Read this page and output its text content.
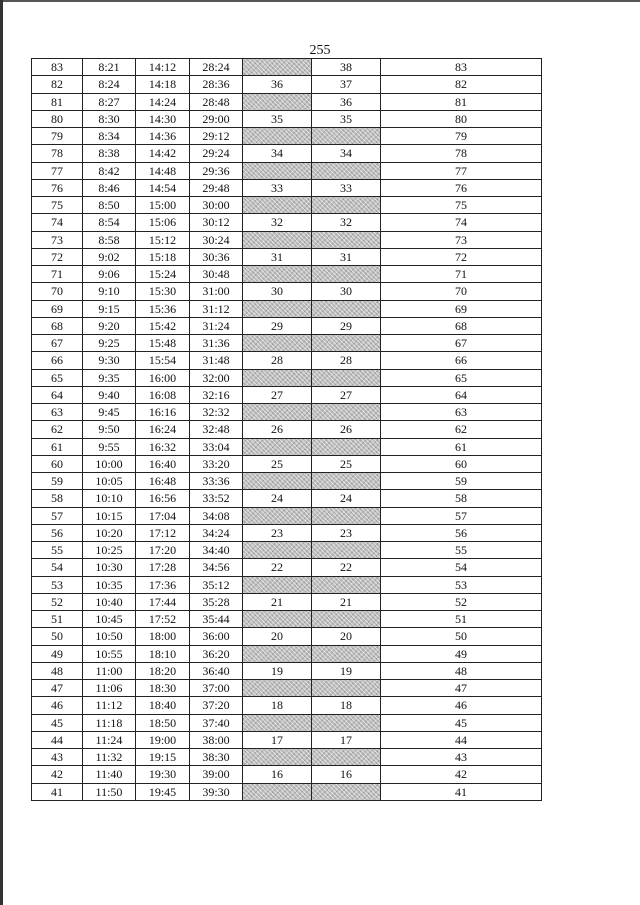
255
83	8:21	14:12	28:24		38	83
82	8:24	14:18	28:36	36	37	82
81	8:27	14:24	28:48		36	81
80	8:30	14:30	29:00	35	35	80
79	8:34	14:36	29:12			79
78	8:38	14:42	29:24	34	34	78
77	8:42	14:48	29:36			77
76	8:46	14:54	29:48	33	33	76
75	8:50	15:00	30:00			75
74	8:54	15:06	30:12	32	32	74
73	8:58	15:12	30:24			73
72	9:02	15:18	30:36	31	31	72
71	9:06	15:24	30:48			71
70	9:10	15:30	31:00	30	30	70
69	9:15	15:36	31:12			69
68	9:20	15:42	31:24	29	29	68
67	9:25	15:48	31:36			67
66	9:30	15:54	31:48	28	28	66
65	9:35	16:00	32:00			65
64	9:40	16:08	32:16	27	27	64
63	9:45	16:16	32:32			63
62	9:50	16:24	32:48	26	26	62
61	9:55	16:32	33:04			61
60	10:00	16:40	33:20	25	25	60
59	10:05	16:48	33:36			59
58	10:10	16:56	33:52	24	24	58
57	10:15	17:04	34:08			57
56	10:20	17:12	34:24	23	23	56
55	10:25	17:20	34:40			55
54	10:30	17:28	34:56	22	22	54
53	10:35	17:36	35:12			53
52	10:40	17:44	35:28	21	21	52
51	10:45	17:52	35:44			51
50	10:50	18:00	36:00	20	20	50
49	10:55	18:10	36:20			49
48	11:00	18:20	36:40	19	19	48
47	11:06	18:30	37:00			47
46	11:12	18:40	37:20	18	18	46
45	11:18	18:50	37:40			45
44	11:24	19:00	38:00	17	17	44
43	11:32	19:15	38:30			43
42	11:40	19:30	39:00	16	16	42
41	11:50	19:45	39:30			41
